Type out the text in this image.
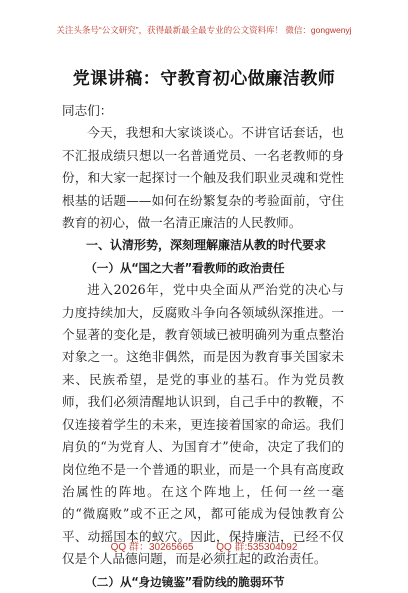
关注头条号“公文研究”，获得最新最全最专业的公文资料库！ 微信：gongwenyj
党课讲稿：守教育初心做廉洁教师

同志们：

今天，我想和大家谈谈心。不讲官话套话，也不汇报成绩只想以一名普通党员、一名老教师的身份，和大家一起探讨一个触及我们职业灵魂和党性根基的话题——如何在纷繁复杂的考验面前，守住教育的初心，做一名清正廉洁的人民教师。

一、认清形势，深刻理解廉洁从教的时代要求

（一）从“国之大者”看教师的政治责任

进入2026年，党中央全面从严治党的决心与力度持续加大，反腐败斗争向各领域纵深推进。一个显著的变化是，教育领域已被明确列为重点整治对象之一。这绝非偶然，而是因为教育事关国家未来、民族希望，是党的事业的基石。作为党员教师，我们必须清醒地认识到，自己手中的教鞭，不仅连接着学生的未来，更连接着国家的命运。我们肩负的“为党育人、为国育才”使命，决定了我们的岗位绝不是一个普通的职业，而是一个具有高度政治属性的阵地。在这个阵地上，任何一丝一毫的“微腐败”或不正之风，都可能成为侵蚀教育公平、动摇国本的蚁穴。因此，保持廉洁，已经不仅仅是个人品德问题，而是必须扛起的政治责任。

（二）从“身边镜鉴”看防线的脆弱环节

QQ 群：30265665 QQ 群:535304092
